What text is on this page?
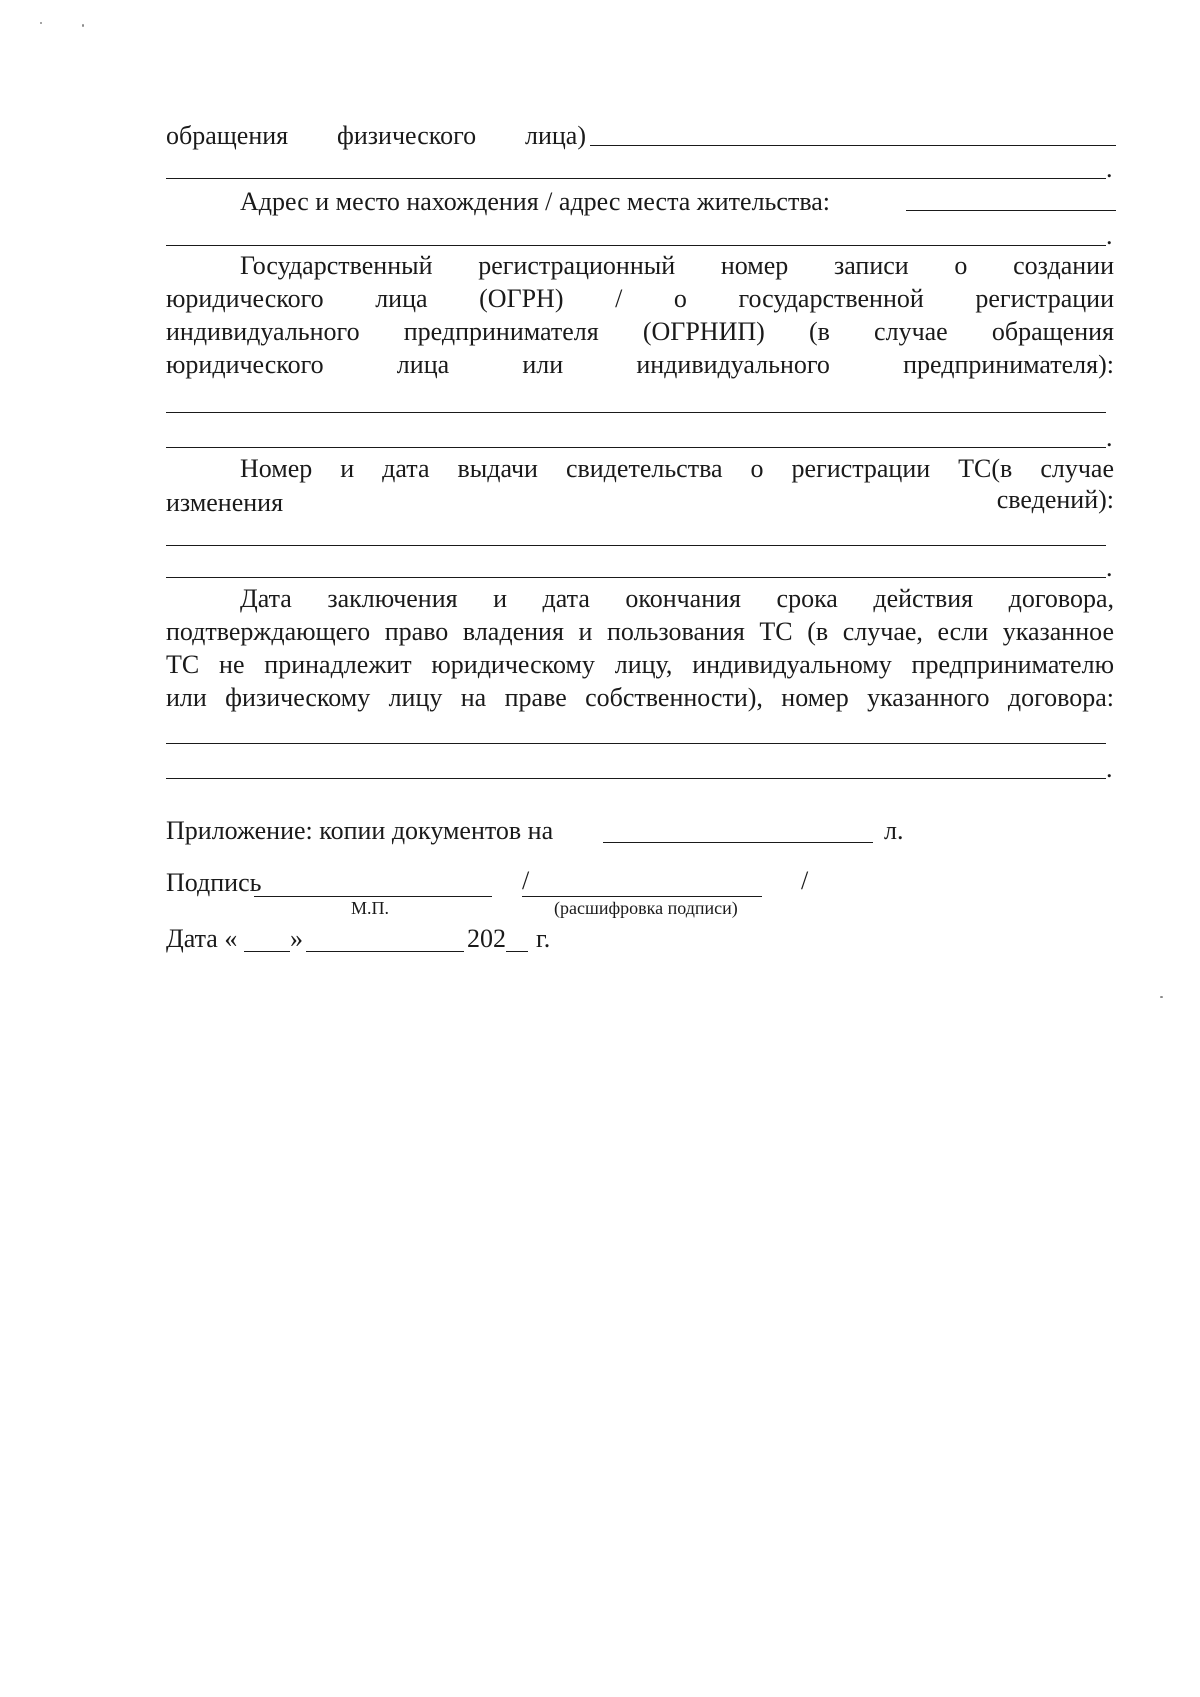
обращения физического лица)
.
Адрес и место нахождения / адрес места жительства:
.
Государственный регистрационный номер записи о создании
юридического лица (ОГРН) / о государственной регистрации
индивидуального предпринимателя (ОГРНИП) (в случае обращения
юридического лица или индивидуального предпринимателя):
.
Номер и дата выдачи свидетельства о регистрации ТС(в случае
изменения	сведений):
.
Дата заключения и дата окончания срока действия договора,
подтверждающего право владения и пользования ТС (в случае, если указанное
ТС не принадлежит юридическому лицу, индивидуальному предпринимателю
или физическому лицу на праве собственности), номер указанного договора:
.
Приложение: копии документов на	л.
Подпись	/	/
М.П.	(расшифровка подписи)
Дата « »	202 г.
